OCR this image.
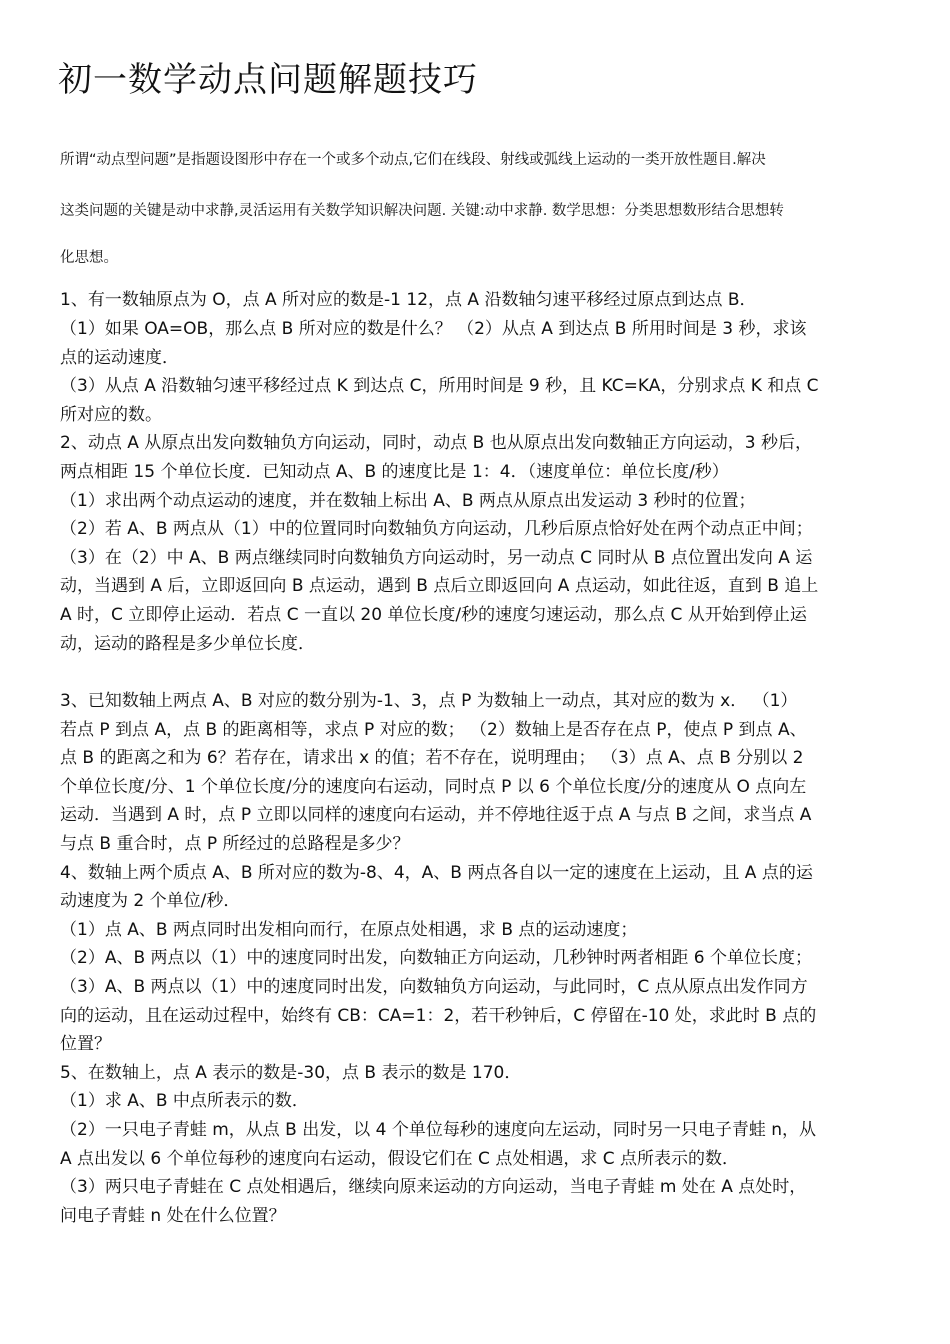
初一数学动点问题解题技巧
所谓“动点型问题”是指题设图形中存在一个或多个动点,它们在线段、射线或弧线上运动的一类开放性题目.解决
这类问题的关键是动中求静,灵活运用有关数学知识解决问题. 关键:动中求静. 数学思想：分类思想数形结合思想转
化思想。
1、有一数轴原点为 O，点 A 所对应的数是-1 12，点 A 沿数轴匀速平移经过原点到达点 B．
（1）如果 OA=OB，那么点 B 所对应的数是什么？ （2）从点 A 到达点 B 所用时间是 3 秒，求该
点的运动速度．
（3）从点 A 沿数轴匀速平移经过点 K 到达点 C，所用时间是 9 秒，且 KC=KA，分别求点 K 和点 C
所对应的数。
2、动点 A 从原点出发向数轴负方向运动，同时，动点 B 也从原点出发向数轴正方向运动，3 秒后，
两点相距 15 个单位长度．已知动点 A、B 的速度比是 1：4．（速度单位：单位长度/秒）
（1）求出两个动点运动的速度，并在数轴上标出 A、B 两点从原点出发运动 3 秒时的位置；
（2）若 A、B 两点从（1）中的位置同时向数轴负方向运动，几秒后原点恰好处在两个动点正中间；
（3）在（2）中 A、B 两点继续同时向数轴负方向运动时，另一动点 C 同时从 B 点位置出发向 A 运
动，当遇到 A 后，立即返回向 B 点运动，遇到 B 点后立即返回向 A 点运动，如此往返，直到 B 追上
A 时，C 立即停止运动．若点 C 一直以 20 单位长度/秒的速度匀速运动，那么点 C 从开始到停止运
动，运动的路程是多少单位长度．
3、已知数轴上两点 A、B 对应的数分别为-1、3，点 P 为数轴上一动点，其对应的数为 x． （1）
若点 P 到点 A，点 B 的距离相等，求点 P 对应的数； （2）数轴上是否存在点 P，使点 P 到点 A、
点 B 的距离之和为 6？若存在，请求出 x 的值；若不存在，说明理由； （3）点 A、点 B 分别以 2
个单位长度/分、1 个单位长度/分的速度向右运动，同时点 P 以 6 个单位长度/分的速度从 O 点向左
运动．当遇到 A 时，点 P 立即以同样的速度向右运动，并不停地往返于点 A 与点 B 之间，求当点 A
与点 B 重合时，点 P 所经过的总路程是多少？
4、数轴上两个质点 A、B 所对应的数为-8、4，A、B 两点各自以一定的速度在上运动，且 A 点的运
动速度为 2 个单位/秒．
（1）点 A、B 两点同时出发相向而行，在原点处相遇，求 B 点的运动速度；
（2）A、B 两点以（1）中的速度同时出发，向数轴正方向运动，几秒钟时两者相距 6 个单位长度；
（3）A、B 两点以（1）中的速度同时出发，向数轴负方向运动，与此同时，C 点从原点出发作同方
向的运动，且在运动过程中，始终有 CB：CA=1：2，若干秒钟后，C 停留在-10 处，求此时 B 点的
位置？
5、在数轴上，点 A 表示的数是-30，点 B 表示的数是 170．
（1）求 A、B 中点所表示的数．
（2）一只电子青蛙 m，从点 B 出发，以 4 个单位每秒的速度向左运动，同时另一只电子青蛙 n，从
A 点出发以 6 个单位每秒的速度向右运动，假设它们在 C 点处相遇，求 C 点所表示的数．
（3）两只电子青蛙在 C 点处相遇后，继续向原来运动的方向运动，当电子青蛙 m 处在 A 点处时，
问电子青蛙 n 处在什么位置？
